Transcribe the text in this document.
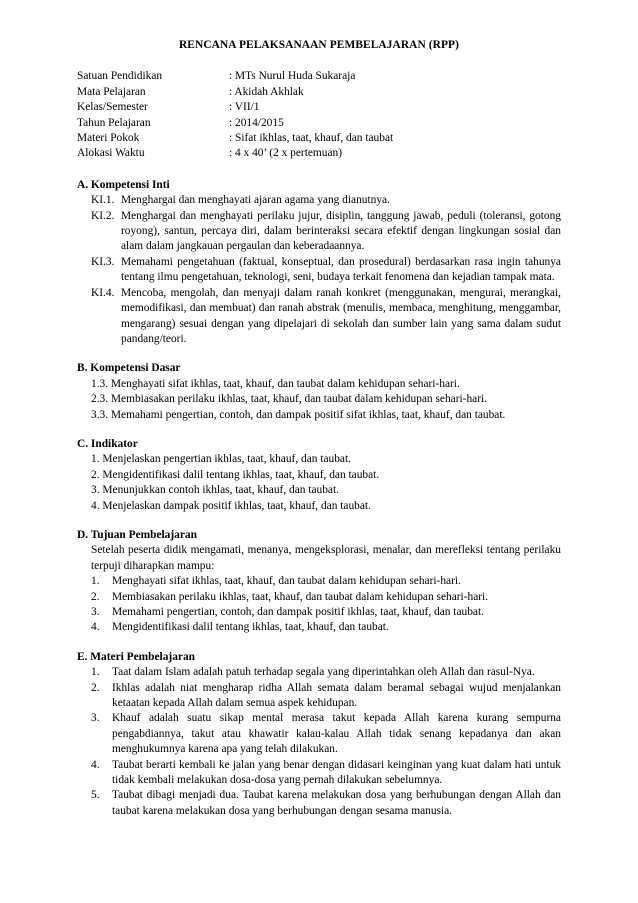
RENCANA PELAKSANAAN PEMBELAJARAN (RPP)
Satuan Pendidikan	: MTs Nurul Huda Sukaraja
Mata Pelajaran	: Akidah Akhlak
Kelas/Semester	: VII/1
Tahun Pelajaran	: 2014/2015
Materi Pokok	: Sifat ikhlas, taat, khauf, dan taubat
Alokasi Waktu	: 4 x 40’ (2 x pertemuan)
A. Kompetensi Inti
KI.1. Menghargai dan menghayati ajaran agama yang dianutnya.
KI.2. Menghargai dan menghayati perilaku jujur, disiplin, tanggung jawab, peduli (toleransi, gotong royong), santun, percaya diri, dalam berinteraksi secara efektif dengan lingkungan sosial dan alam dalam jangkauan pergaulan dan keberadaannya.
KI.3. Memahami pengetahuan (faktual, konseptual, dan prosedural) berdasarkan rasa ingin tahunya tentang ilmu pengetahuan, teknologi, seni, budaya terkait fenomena dan kejadian tampak mata.
KI.4. Mencoba, mengolah, dan menyaji dalam ranah konkret (menggunakan, mengurai, merangkai, memodifikasi, dan membuat) dan ranah abstrak (menulis, membaca, menghitung, menggambar, mengarang) sesuai dengan yang dipelajari di sekolah dan sumber lain yang sama dalam sudut pandang/teori.
B. Kompetensi Dasar
1.3. Menghayati sifat ikhlas, taat, khauf, dan taubat dalam kehidupan sehari-hari.
2.3. Membiasakan perilaku ikhlas, taat, khauf, dan taubat dalam kehidupan sehari-hari.
3.3. Memahami pengertian, contoh, dan dampak positif sifat ikhlas, taat, khauf, dan taubat.
C. Indikator
1. Menjelaskan pengertian ikhlas, taat, khauf, dan taubat.
2. Mengidentifikasi dalil tentang ikhlas, taat, khauf, dan taubat.
3. Menunjukkan contoh ikhlas, taat, khauf, dan taubat.
4. Menjelaskan dampak positif ikhlas, taat, khauf, dan taubat.
D. Tujuan Pembelajaran
Setelah peserta didik mengamati, menanya, mengeksplorasi, menalar, dan merefleksi tentang perilaku terpuji diharapkan mampu:
1.	Menghayati sifat ikhlas, taat, khauf, dan taubat dalam kehidupan sehari-hari.
2.	Membiasakan perilaku ikhlas, taat, khauf, dan taubat dalam kehidupan sehari-hari.
3.	Memahami pengertian, contoh, dan dampak positif ikhlas, taat, khauf, dan taubat.
4.	Mengidentifikasi dalil tentang ikhlas, taat, khauf, dan taubat.
E. Materi Pembelajaran
1.	Taat dalam Islam adalah patuh terhadap segala yang diperintahkan oleh Allah dan rasul-Nya.
2.	Ikhlas adalah niat mengharap ridha Allah semata dalam beramal sebagai wujud menjalankan ketaatan kepada Allah dalam semua aspek kehidupan.
3.	Khauf adalah suatu sikap mental merasa takut kepada Allah karena kurang sempurna pengabdiannya, takut atau khawatir kalau-kalau Allah tidak senang kepadanya dan akan menghukumnya karena apa yang telah dilakukan.
4.	Taubat berarti kembali ke jalan yang benar dengan didasari keinginan yang kuat dalam hati untuk tidak kembali melakukan dosa-dosa yang pernah dilakukan sebelumnya.
5.	Taubat dibagi menjadi dua. Taubat karena melakukan dosa yang berhubungan dengan Allah dan taubat karena melakukan dosa yang berhubungan dengan sesama manusia.
